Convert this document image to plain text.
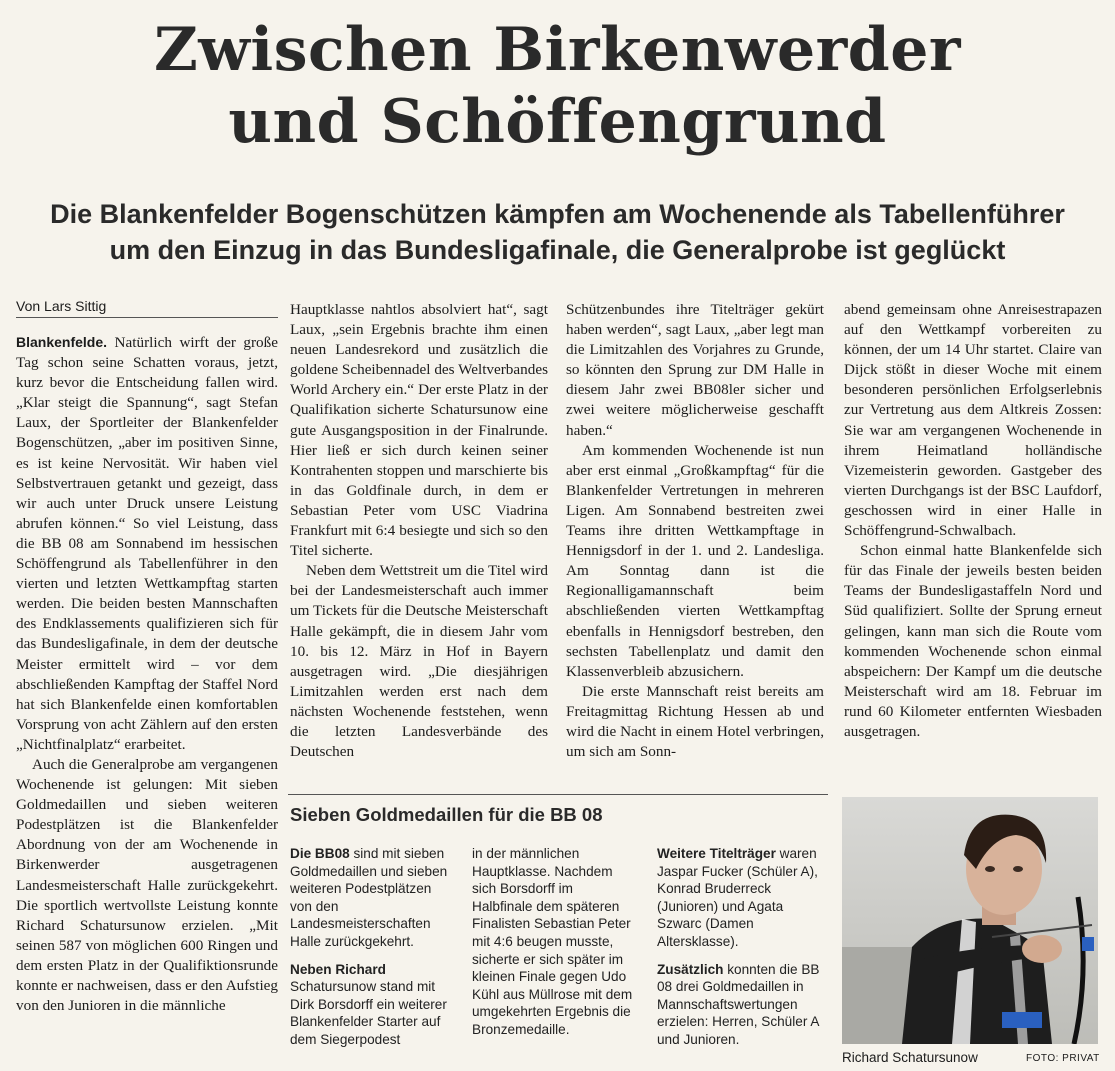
Zwischen Birkenwerder
und Schöffengrund
Die Blankenfelder Bogenschützen kämpfen am Wochenende als Tabellenführer
um den Einzug in das Bundesligafinale, die Generalprobe ist geglückt
Von Lars Sittig

Blankenfelde. Natürlich wirft der große Tag schon seine Schatten voraus, jetzt, kurz bevor die Entscheidung fallen wird. „Klar steigt die Spannung“, sagt Stefan Laux, der Sportleiter der Blankenfelder Bogenschützen, „aber im positiven Sinne, es ist keine Nervosität. Wir haben viel Selbstvertrauen getankt und gezeigt, dass wir auch unter Druck unsere Leistung abrufen können.“ So viel Leistung, dass die BB 08 am Sonnabend im hessischen Schöffengrund als Tabellenführer in den vierten und letzten Wettkampftag starten werden. Die beiden besten Mannschaften des Endklassements qualifizieren sich für das Bundesligafinale, in dem der deutsche Meister ermittelt wird – vor dem abschließenden Kampftag der Staffel Nord hat sich Blankenfelde einen komfortablen Vorsprung von acht Zählern auf den ersten „Nichtfinalplatz“ erarbeitet.

Auch die Generalprobe am vergangenen Wochenende ist gelungen: Mit sieben Goldmedaillen und sieben weiteren Podestplätzen ist die Blankenfelder Abordnung von der am Wochenende in Birkenwerder ausgetragenen Landesmeisterschaft Halle zurückgekehrt. Die sportlich wertvollste Leistung konnte Richard Schatursunow erzielen. „Mit seinen 587 von möglichen 600 Ringen und dem ersten Platz in der Qualifiktionsrunde konnte er nachweisen, dass er den Aufstieg von den Junioren in die männliche

Hauptklasse nahtlos absolviert hat“, sagt Laux, „sein Ergebnis brachte ihm einen neuen Landesrekord und zusätzlich die goldene Scheibennadel des Weltverbandes World Archery ein.“ Der erste Platz in der Qualifikation sicherte Schatursunow eine gute Ausgangsposition in der Finalrunde. Hier ließ er sich durch keinen seiner Kontrahenten stoppen und marschierte bis in das Goldfinale durch, in dem er Sebastian Peter vom USC Viadrina Frankfurt mit 6:4 besiegte und sich so den Titel sicherte.

Neben dem Wettstreit um die Titel wird bei der Landesmeisterschaft auch immer um Tickets für die Deutsche Meisterschaft Halle gekämpft, die in diesem Jahr vom 10. bis 12. März in Hof in Bayern ausgetragen wird. „Die diesjährigen Limitzahlen werden erst nach dem nächsten Wochenende feststehen, wenn die letzten Landesverbände des Deutschen

Schützenbundes ihre Titelträger gekürt haben werden“, sagt Laux, „aber legt man die Limitzahlen des Vorjahres zu Grunde, so könnten den Sprung zur DM Halle in diesem Jahr zwei BB08ler sicher und zwei weitere möglicherweise geschafft haben.“

Am kommenden Wochenende ist nun aber erst einmal „Großkampftag“ für die Blankenfelder Vertretungen in mehreren Ligen. Am Sonnabend bestreiten zwei Teams ihre dritten Wettkampftage in Hennigsdorf in der 1. und 2. Landesliga. Am Sonntag dann ist die Regionalligamannschaft beim abschließenden vierten Wettkampftag ebenfalls in Hennigsdorf bestreben, den sechsten Tabellenplatz und damit den Klassenverbleib abzusichern.

Die erste Mannschaft reist bereits am Freitagmittag Richtung Hessen ab und wird die Nacht in einem Hotel verbringen, um sich am Sonn-

abend gemeinsam ohne Anreisestrapazen auf den Wettkampf vorbereiten zu können, der um 14 Uhr startet. Claire van Dijck stößt in dieser Woche mit einem besonderen persönlichen Erfolgserlebnis zur Vertretung aus dem Altkreis Zossen: Sie war am vergangenen Wochenende in ihrem Heimatland holländische Vizemeisterin geworden. Gastgeber des vierten Durchgangs ist der BSC Laufdorf, geschossen wird in einer Halle in Schöffengrund-Schwalbach.

Schon einmal hatte Blankenfelde sich für das Finale der jeweils besten beiden Teams der Bundesligastaffeln Nord und Süd qualifiziert. Sollte der Sprung erneut gelingen, kann man sich die Route vom kommenden Wochenende schon einmal abspeichern: Der Kampf um die deutsche Meisterschaft wird am 18. Februar im rund 60 Kilometer entfernten Wiesbaden ausgetragen.

Sieben Goldmedaillen für die BB 08

Die BB08 sind mit sieben Goldmedaillen und sieben weiteren Podestplätzen von den Landesmeisterschaften Halle zurückgekehrt.

Neben Richard Schatursunow stand mit Dirk Borsdorff ein weiterer Blankenfelder Starter auf dem Siegerpodest

in der männlichen Hauptklasse. Nachdem sich Borsdorff im Halbfinale dem späteren Finalisten Sebastian Peter mit 4:6 beugen musste, sicherte er sich später im kleinen Finale gegen Udo Kühl aus Müllrose mit dem umgekehrten Ergebnis die Bronzemedaille.

Weitere Titelträger waren Jaspar Fucker (Schüler A), Konrad Bruderreck (Junioren) und Agata Szwarc (Damen Altersklasse).

Zusätzlich konnten die BB 08 drei Goldmedaillen in Mannschaftswertungen erzielen: Herren, Schüler A und Junioren.

Richard Schatursunow	FOTO: PRIVAT
